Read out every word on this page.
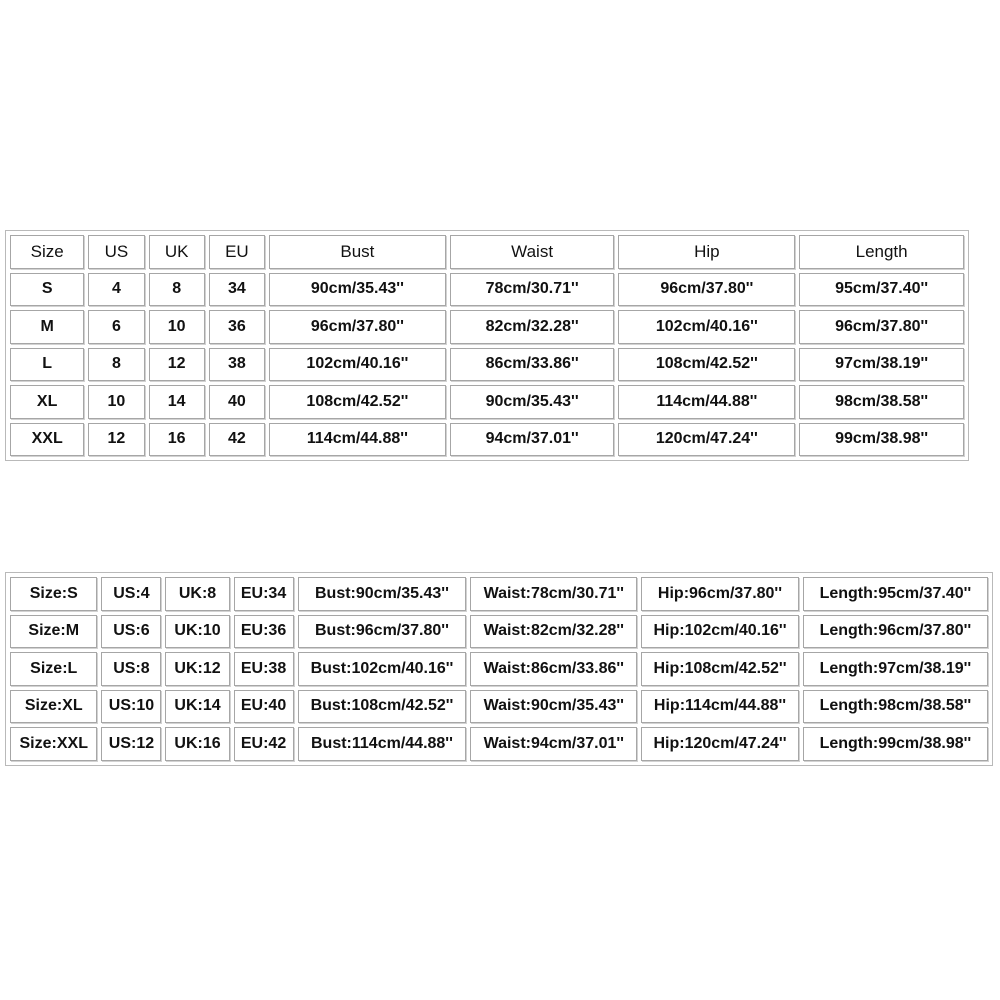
Size	US	UK	EU	Bust	Waist	Hip	Length
S	4	8	34	90cm/35.43''	78cm/30.71''	96cm/37.80''	95cm/37.40''
M	6	10	36	96cm/37.80''	82cm/32.28''	102cm/40.16''	96cm/37.80''
L	8	12	38	102cm/40.16''	86cm/33.86''	108cm/42.52''	97cm/38.19''
XL	10	14	40	108cm/42.52''	90cm/35.43''	114cm/44.88''	98cm/38.58''
XXL	12	16	42	114cm/44.88''	94cm/37.01''	120cm/47.24''	99cm/38.98''
Size:S	US:4	UK:8	EU:34	Bust:90cm/35.43''	Waist:78cm/30.71''	Hip:96cm/37.80''	Length:95cm/37.40''
Size:M	US:6	UK:10	EU:36	Bust:96cm/37.80''	Waist:82cm/32.28''	Hip:102cm/40.16''	Length:96cm/37.80''
Size:L	US:8	UK:12	EU:38	Bust:102cm/40.16''	Waist:86cm/33.86''	Hip:108cm/42.52''	Length:97cm/38.19''
Size:XL	US:10	UK:14	EU:40	Bust:108cm/42.52''	Waist:90cm/35.43''	Hip:114cm/44.88''	Length:98cm/38.58''
Size:XXL	US:12	UK:16	EU:42	Bust:114cm/44.88''	Waist:94cm/37.01''	Hip:120cm/47.24''	Length:99cm/38.98''
